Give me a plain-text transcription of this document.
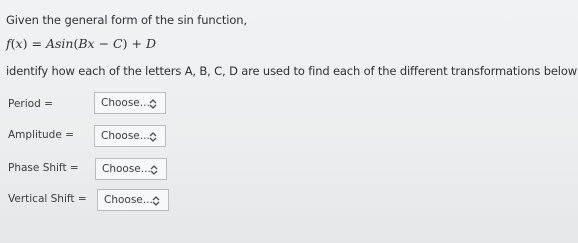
Given the general form of the sin function,
f(x) = Asin(Bx − C) + D
identify how each of the letters A, B, C, D are used to find each of the different transformations below
Period =	Choose...
Amplitude =	Choose...
Phase Shift = Choose...
Vertical Shift = Choose...
